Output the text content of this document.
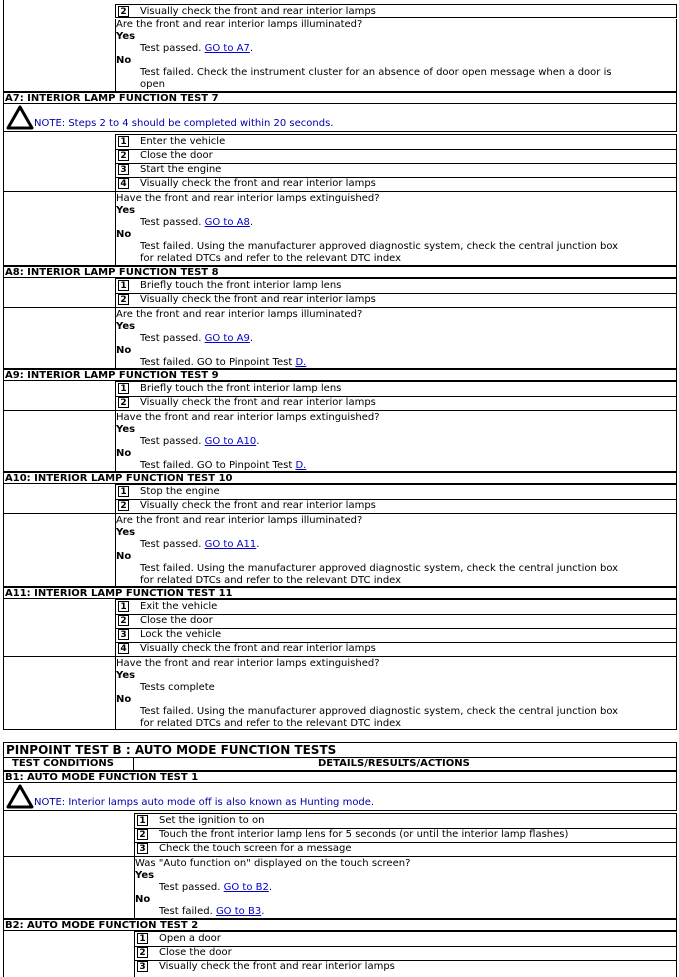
2 Visually check the front and rear interior lamps
Are the front and rear interior lamps illuminated?
Yes
Test passed. GO to A7.
No
Test failed. Check the instrument cluster for an absence of door open message when a door is
open
A7: INTERIOR LAMP FUNCTION TEST 7
NOTE: Steps 2 to 4 should be completed within 20 seconds.
1 Enter the vehicle
2 Close the door
3 Start the engine
4 Visually check the front and rear interior lamps
Have the front and rear interior lamps extinguished?
Yes
Test passed. GO to A8.
No
Test failed. Using the manufacturer approved diagnostic system, check the central junction box
for related DTCs and refer to the relevant DTC index
A8: INTERIOR LAMP FUNCTION TEST 8
1 Briefly touch the front interior lamp lens
2 Visually check the front and rear interior lamps
Are the front and rear interior lamps illuminated?
Yes
Test passed. GO to A9.
No
Test failed. GO to Pinpoint Test D.
A9: INTERIOR LAMP FUNCTION TEST 9
1 Briefly touch the front interior lamp lens
2 Visually check the front and rear interior lamps
Have the front and rear interior lamps extinguished?
Yes
Test passed. GO to A10.
No
Test failed. GO to Pinpoint Test D.
A10: INTERIOR LAMP FUNCTION TEST 10
1 Stop the engine
2 Visually check the front and rear interior lamps
Are the front and rear interior lamps illuminated?
Yes
Test passed. GO to A11.
No
Test failed. Using the manufacturer approved diagnostic system, check the central junction box
for related DTCs and refer to the relevant DTC index
A11: INTERIOR LAMP FUNCTION TEST 11
1 Exit the vehicle
2 Close the door
3 Lock the vehicle
4 Visually check the front and rear interior lamps
Have the front and rear interior lamps extinguished?
Yes
Tests complete
No
Test failed. Using the manufacturer approved diagnostic system, check the central junction box
for related DTCs and refer to the relevant DTC index
PINPOINT TEST B : AUTO MODE FUNCTION TESTS
TEST CONDITIONS	DETAILS/RESULTS/ACTIONS
B1: AUTO MODE FUNCTION TEST 1
NOTE: Interior lamps auto mode off is also known as Hunting mode.
1 Set the ignition to on
2 Touch the front interior lamp lens for 5 seconds (or until the interior lamp flashes)
3 Check the touch screen for a message
Was "Auto function on" displayed on the touch screen?
Yes
Test passed. GO to B2.
No
Test failed. GO to B3.
B2: AUTO MODE FUNCTION TEST 2
1 Open a door
2 Close the door
3 Visually check the front and rear interior lamps
